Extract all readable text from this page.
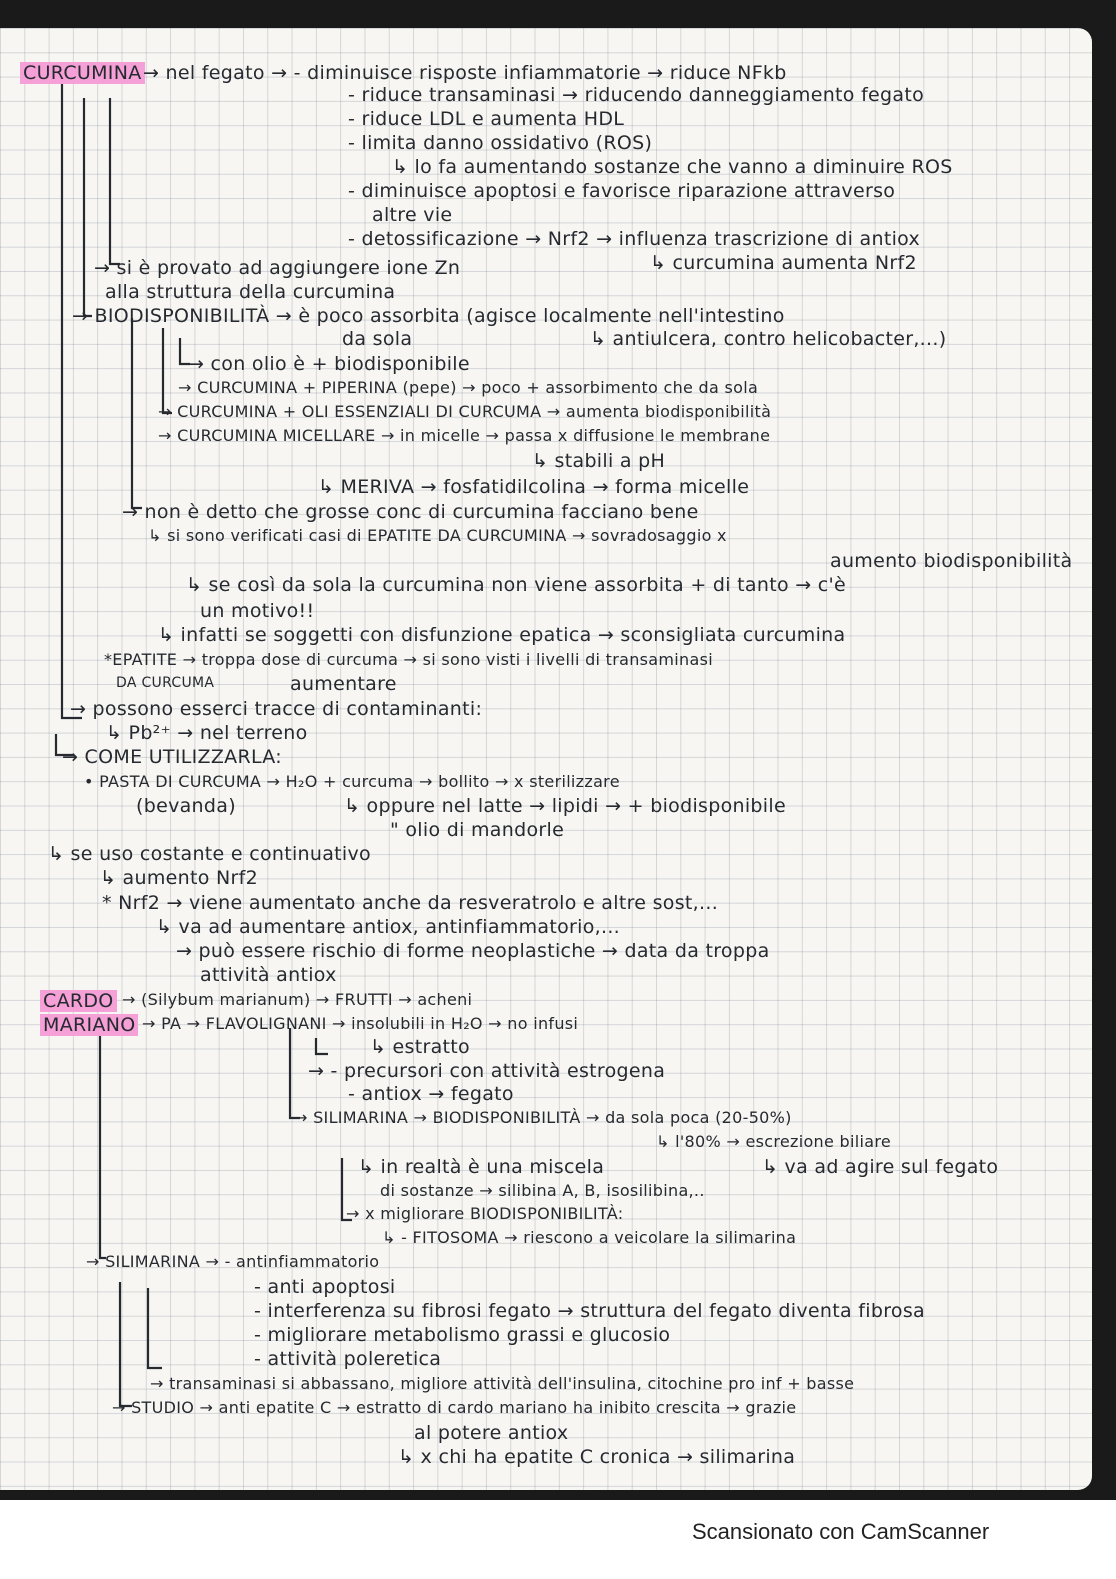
CURCUMINA → nel fegato → - diminuisce risposte infiammatorie → riduce NFkb
- riduce transaminasi → riducendo danneggiamento fegato
- riduce LDL e aumenta HDL
- limita danno ossidativo (ROS)
↳ lo fa aumentando sostanze che vanno a diminuire ROS
- diminuisce apoptosi e favorisce riparazione attraverso
altre vie
- detossificazione → Nrf2 → influenza trascrizione di antiox
↳ curcumina aumenta Nrf2
→ si è provato ad aggiungere ione Zn
alla struttura della curcumina
→ BIODISPONIBILITÀ → è poco assorbita (agisce localmente nell'intestino
da sola	↳ antiulcera, contro helicobacter,...)
→ con olio è + biodisponibile
→ CURCUMINA + PIPERINA (pepe) → poco + assorbimento che da sola
→ CURCUMINA + OLI ESSENZIALI DI CURCUMA → aumenta biodisponibilità
→ CURCUMINA MICELLARE → in micelle → passa x diffusione le membrane
↳ stabili a pH
↳ MERIVA → fosfatidilcolina → forma micelle
→ non è detto che grosse conc di curcumina facciano bene
↳ si sono verificati casi di EPATITE DA CURCUMINA → sovradosaggio x
aumento biodisponibilità
↳ se così da sola la curcumina non viene assorbita + di tanto → c'è
un motivo!!
↳ infatti se soggetti con disfunzione epatica → sconsigliata curcumina
*EPATITE → troppa dose di curcuma → si sono visti i livelli di transaminasi
DA CURCUMA	aumentare
→ possono esserci tracce di contaminanti:
↳ Pb²⁺ → nel terreno
→ COME UTILIZZARLA:
• PASTA DI CURCUMA → H₂O + curcuma → bollito → x sterilizzare
(bevanda)	↳ oppure nel latte → lipidi → + biodisponibile
" olio di mandorle
↳ se uso costante e continuativo
↳ aumento Nrf2
* Nrf2 → viene aumentato anche da resveratrolo e altre sost,...
↳ va ad aumentare antiox, antinfiammatorio,...
→ può essere rischio di forme neoplastiche → data da troppa
attività antiox
CARDO → (Silybum marianum) → FRUTTI → acheni
MARIANO → PA → FLAVOLIGNANI → insolubili in H₂O → no infusi
↳ estratto
→ - precursori con attività estrogena
- antiox → fegato
→ SILIMARINA → BIODISPONIBILITÀ → da sola poca (20-50%)
↳ l'80% → escrezione biliare
↳ in realtà è una miscela	↳ va ad agire sul fegato
di sostanze → silibina A, B, isosilibina,..
→ x migliorare BIODISPONIBILITÀ:
↳ - FITOSOMA → riescono a veicolare la silimarina
→ SILIMARINA → - antinfiammatorio
- anti apoptosi
- interferenza su fibrosi fegato → struttura del fegato diventa fibrosa
- migliorare metabolismo grassi e glucosio
- attività poleretica
→ transaminasi si abbassano, migliore attività dell'insulina, citochine pro inf + basse
→ STUDIO → anti epatite C → estratto di cardo mariano ha inibito crescita → grazie
al potere antiox
↳ x chi ha epatite C cronica → silimarina
Scansionato con CamScanner
